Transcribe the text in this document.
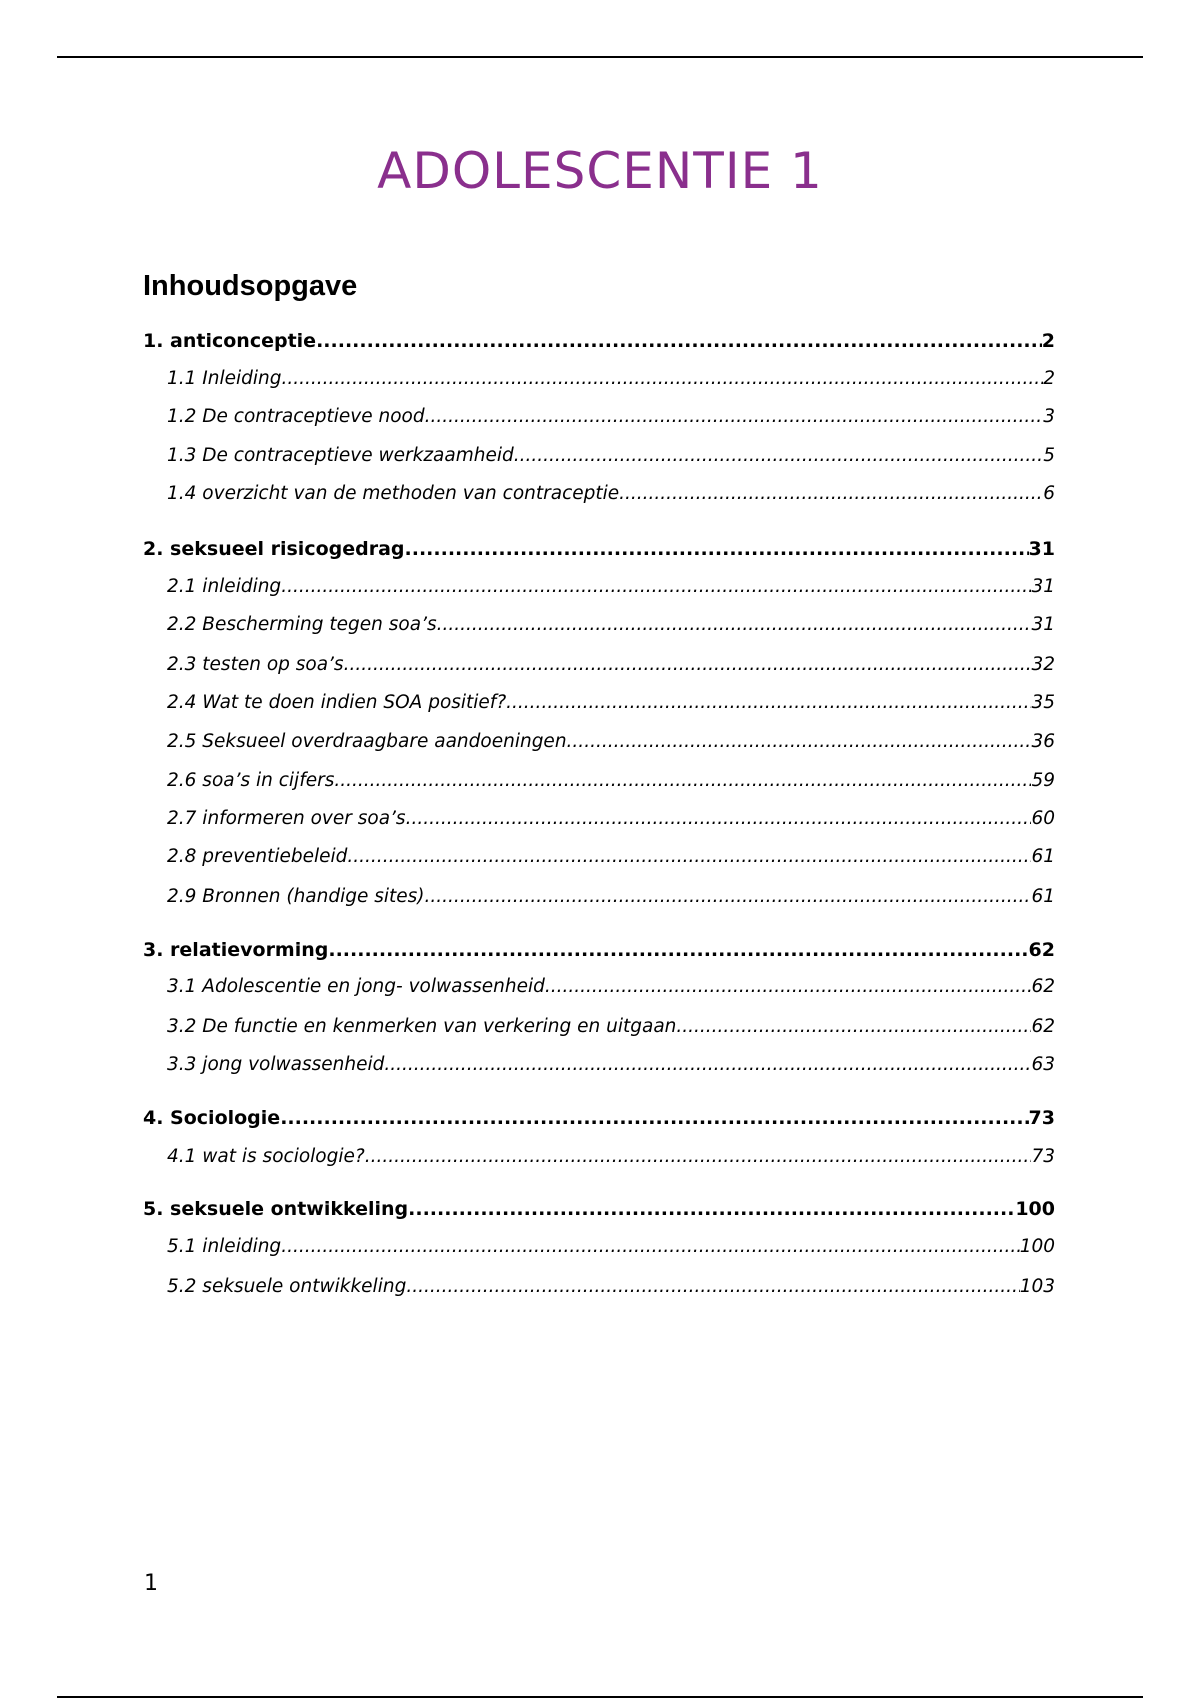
ADOLESCENTIE 1
Inhoudsopgave
1. anticonceptie .....	2
1.1 Inleiding .....	2
1.2 De contraceptieve nood .....	3
1.3 De contraceptieve werkzaamheid .....	5
1.4 overzicht van de methoden van contraceptie .....	6
2. seksueel risicogedrag .....	31
2.1 inleiding .....	31
2.2 Bescherming tegen soa’s .....	31
2.3 testen op soa’s .....	32
2.4 Wat te doen indien SOA positief? .....	35
2.5 Seksueel overdraagbare aandoeningen .....	36
2.6 soa’s in cijfers .....	59
2.7 informeren over soa’s .....	60
2.8 preventiebeleid .....	61
2.9 Bronnen (handige sites) .....	61
3. relatievorming .....	62
3.1 Adolescentie en jong- volwassenheid .....	62
3.2 De functie en kenmerken van verkering en uitgaan .....	62
3.3 jong volwassenheid .....	63
4. Sociologie .....	73
4.1 wat is sociologie? .....	73
5. seksuele ontwikkeling .....	100
5.1 inleiding .....	100
5.2 seksuele ontwikkeling .....	103
1
